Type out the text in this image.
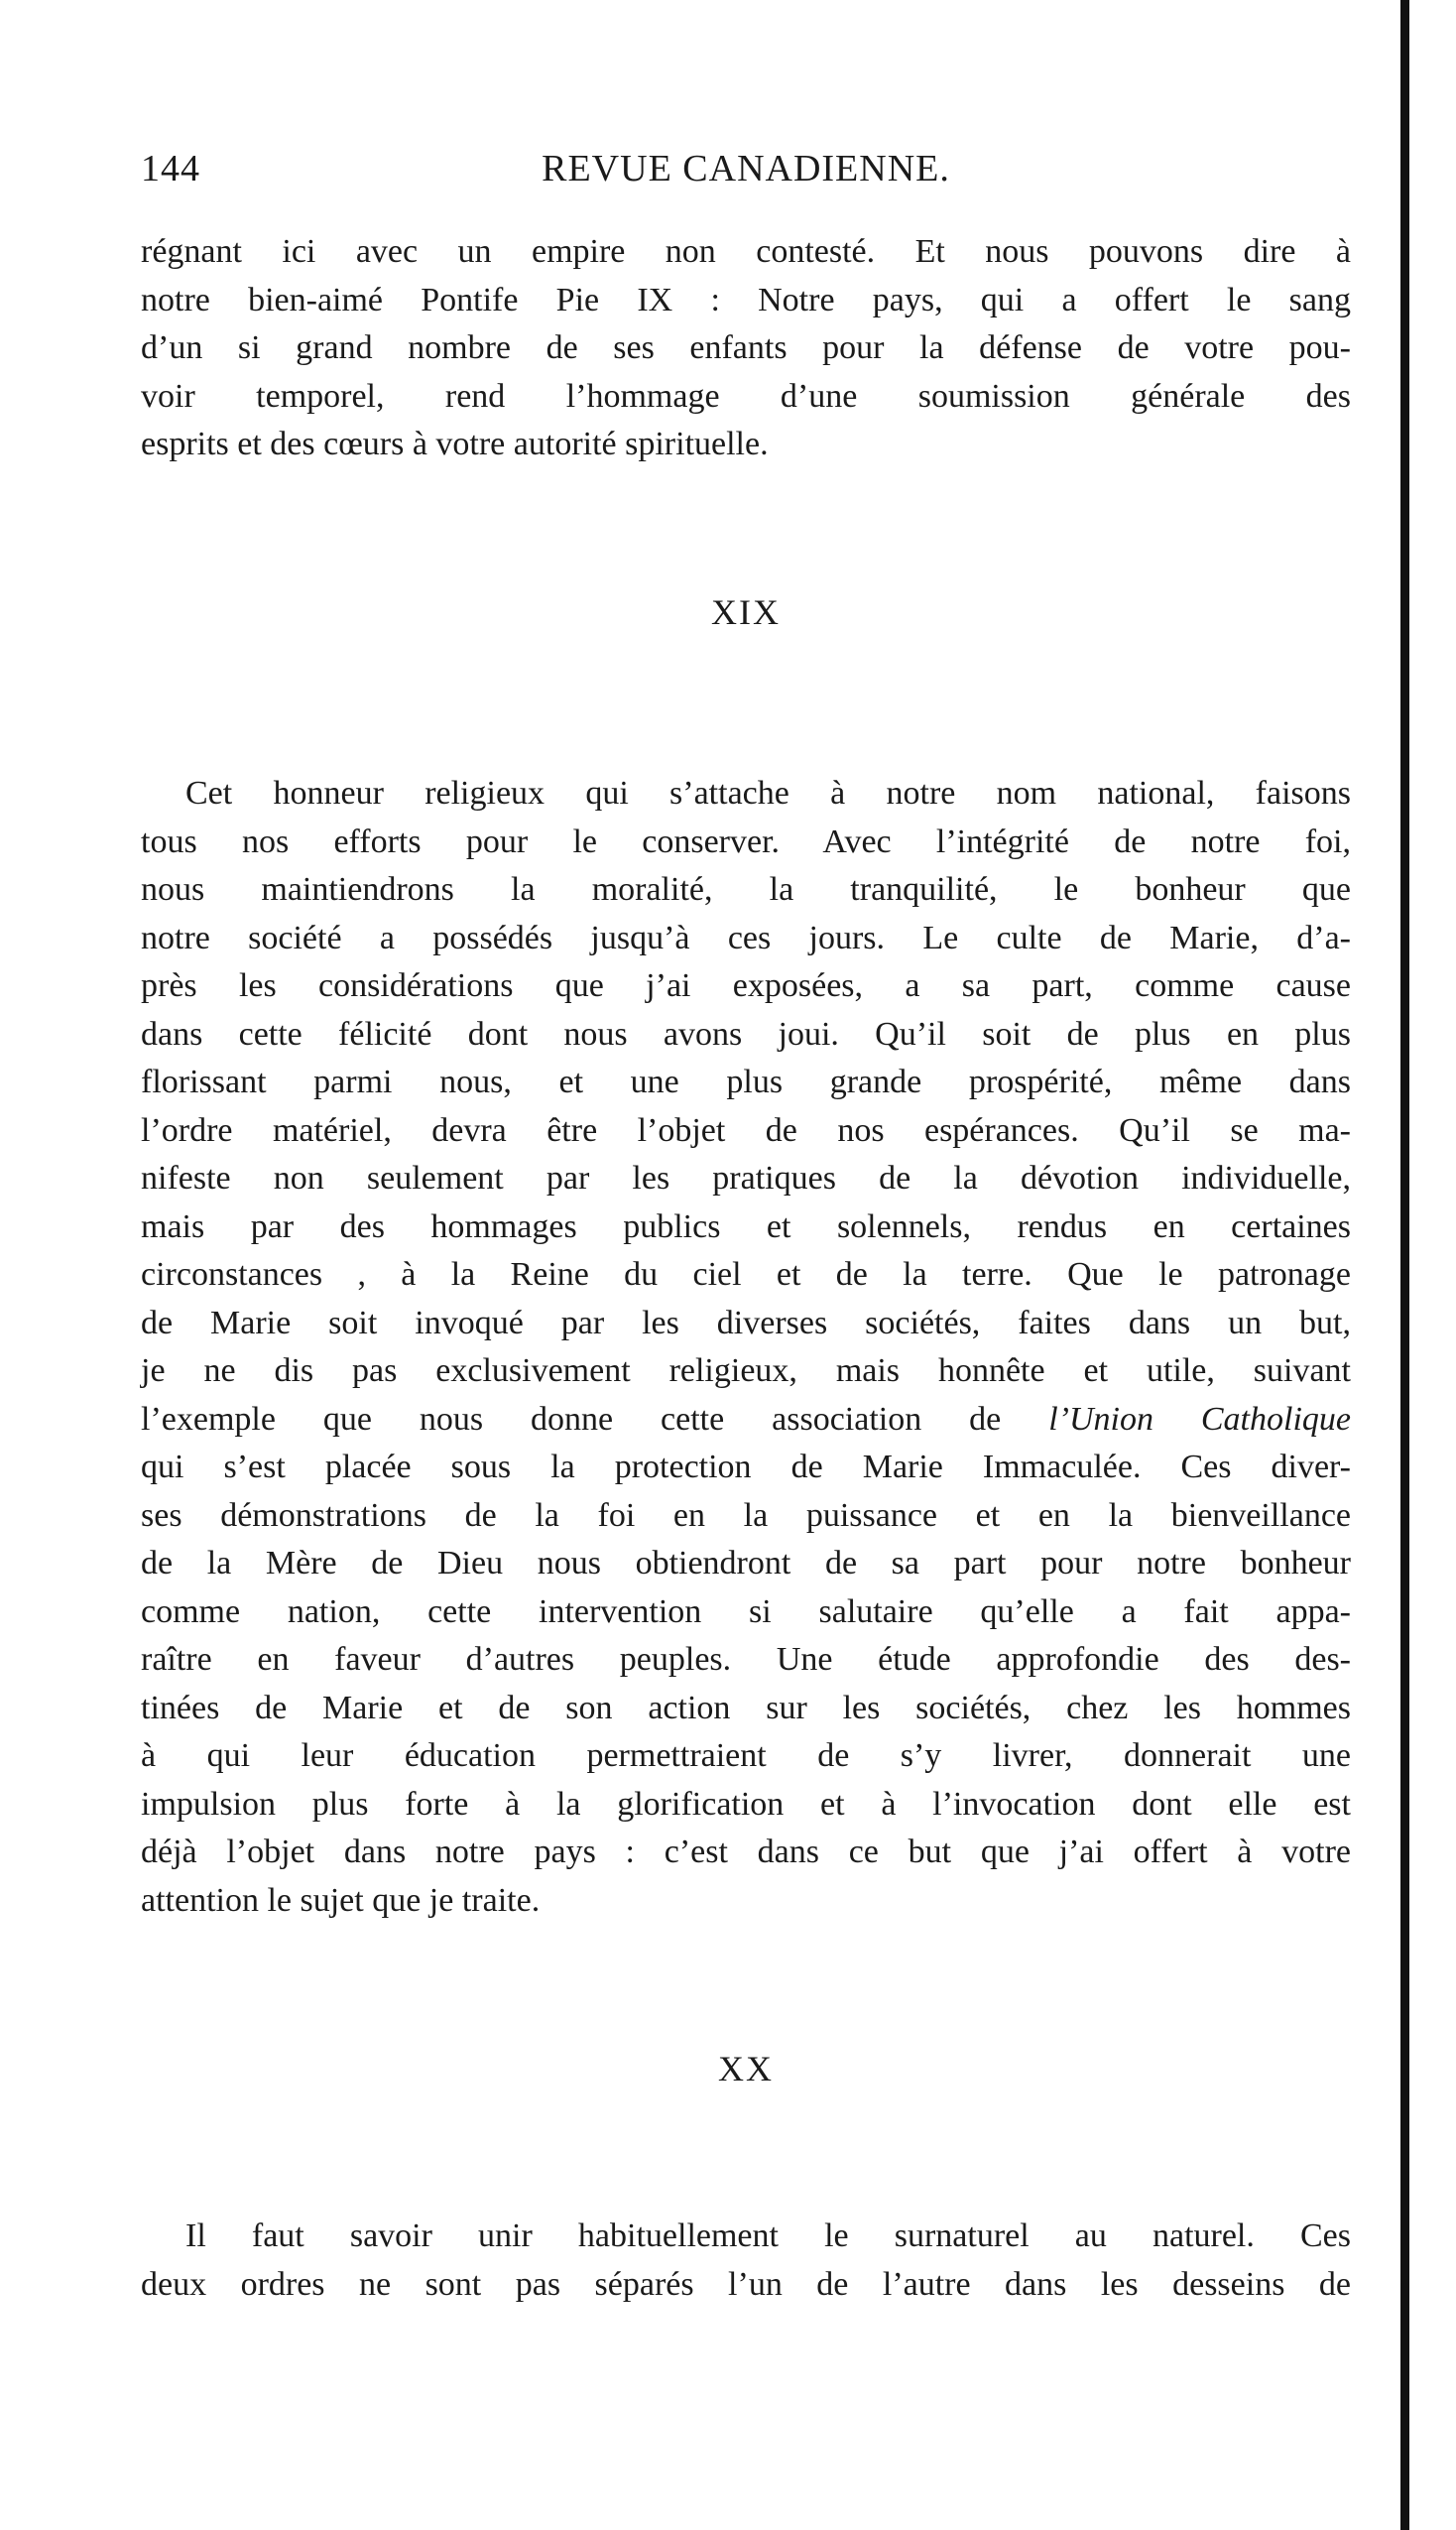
144	REVUE CANADIENNE.
régnant ici avec un empire non contesté. Et nous pouvons dire à
notre bien-aimé Pontife Pie IX : Notre pays, qui a offert le sang
d’un si grand nombre de ses enfants pour la défense de votre pou-
voir temporel, rend l’hommage d’une soumission générale des
esprits et des cœurs à votre autorité spirituelle.
XIX
Cet honneur religieux qui s’attache à notre nom national, faisons
tous nos efforts pour le conserver. Avec l’intégrité de notre foi,
nous maintiendrons la moralité, la tranquilité, le bonheur que
notre société a possédés jusqu’à ces jours. Le culte de Marie, d’a-
près les considérations que j’ai exposées, a sa part, comme cause
dans cette félicité dont nous avons joui. Qu’il soit de plus en plus
florissant parmi nous, et une plus grande prospérité, même dans
l’ordre matériel, devra être l’objet de nos espérances. Qu’il se ma-
nifeste non seulement par les pratiques de la dévotion individuelle,
mais par des hommages publics et solennels, rendus en certaines
circonstances , à la Reine du ciel et de la terre. Que le patronage
de Marie soit invoqué par les diverses sociétés, faites dans un but,
je ne dis pas exclusivement religieux, mais honnête et utile, suivant
l’exemple que nous donne cette association de l’Union Catholique
qui s’est placée sous la protection de Marie Immaculée. Ces diver-
ses démonstrations de la foi en la puissance et en la bienveillance
de la Mère de Dieu nous obtiendront de sa part pour notre bonheur
comme nation, cette intervention si salutaire qu’elle a fait appa-
raître en faveur d’autres peuples. Une étude approfondie des des-
tinées de Marie et de son action sur les sociétés, chez les hommes
à qui leur éducation permettraient de s’y livrer, donnerait une
impulsion plus forte à la glorification et à l’invocation dont elle est
déjà l’objet dans notre pays : c’est dans ce but que j’ai offert à votre
attention le sujet que je traite.
XX
Il faut savoir unir habituellement le surnaturel au naturel. Ces
deux ordres ne sont pas séparés l’un de l’autre dans les desseins de
